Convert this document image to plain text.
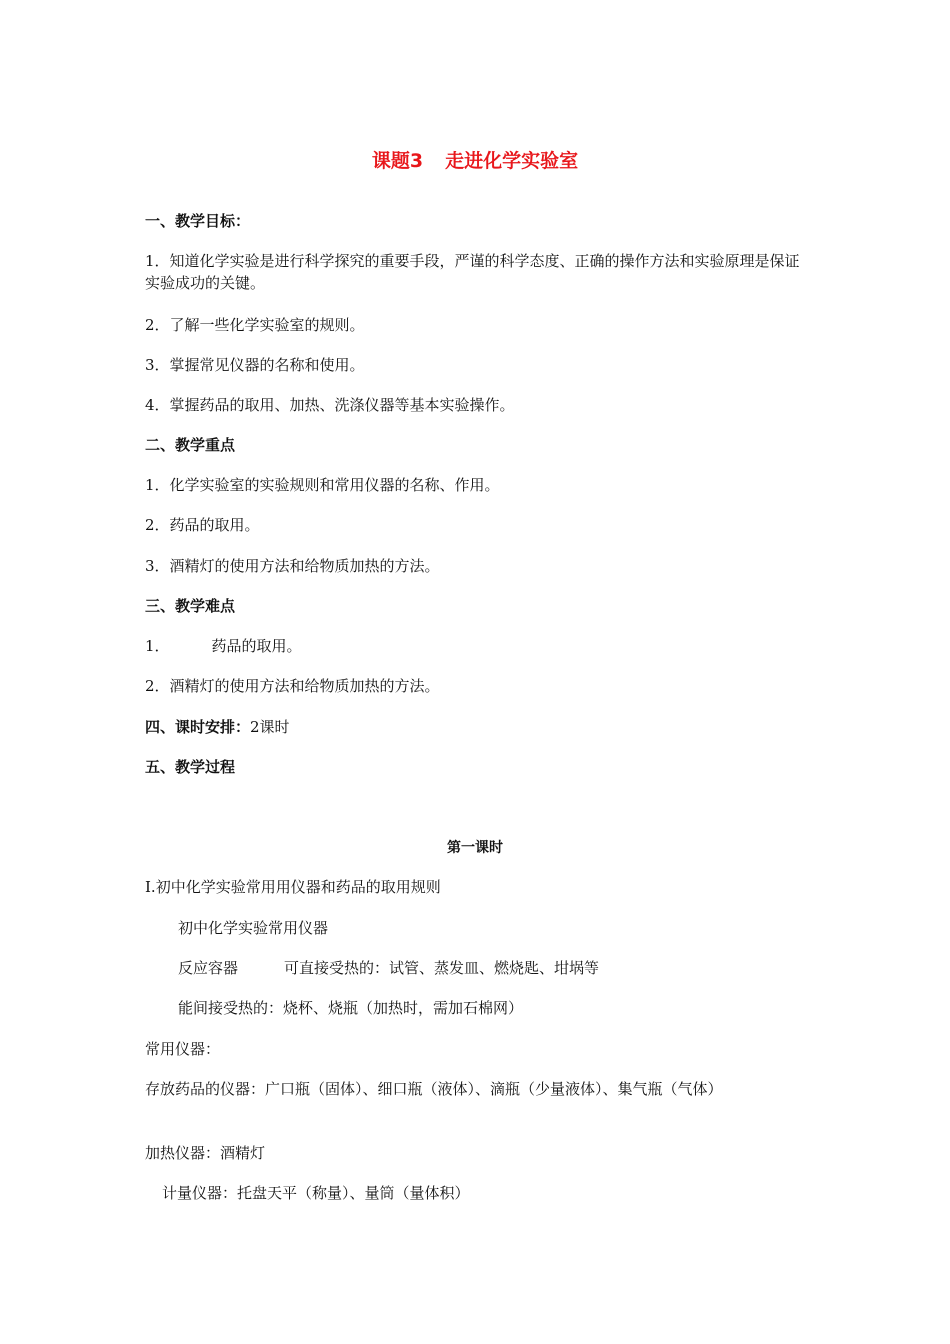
课题3 走进化学实验室
一、教学目标：
1．知道化学实验是进行科学探究的重要手段，严谨的科学态度、正确的操作方法和实验原理是保证实验成功的关键。
2．了解一些化学实验室的规则。
3．掌握常见仪器的名称和使用。
4．掌握药品的取用、加热、洗涤仪器等基本实验操作。
二、教学重点
1．化学实验室的实验规则和常用仪器的名称、作用。
2．药品的取用。
3．酒精灯的使用方法和给物质加热的方法。
三、教学难点
1．	药品的取用。
2．酒精灯的使用方法和给物质加热的方法。
四、课时安排：2课时
五、教学过程
第一课时
Ⅰ.初中化学实验常用用仪器和药品的取用规则
初中化学实验常用仪器
反应容器	可直接受热的：试管、蒸发皿、燃烧匙、坩埚等
能间接受热的：烧杯、烧瓶（加热时，需加石棉网）
常用仪器：
存放药品的仪器：广口瓶（固体）、细口瓶（液体）、滴瓶（少量液体）、集气瓶（气体）
加热仪器：酒精灯
计量仪器：托盘天平（称量）、量筒（量体积）
